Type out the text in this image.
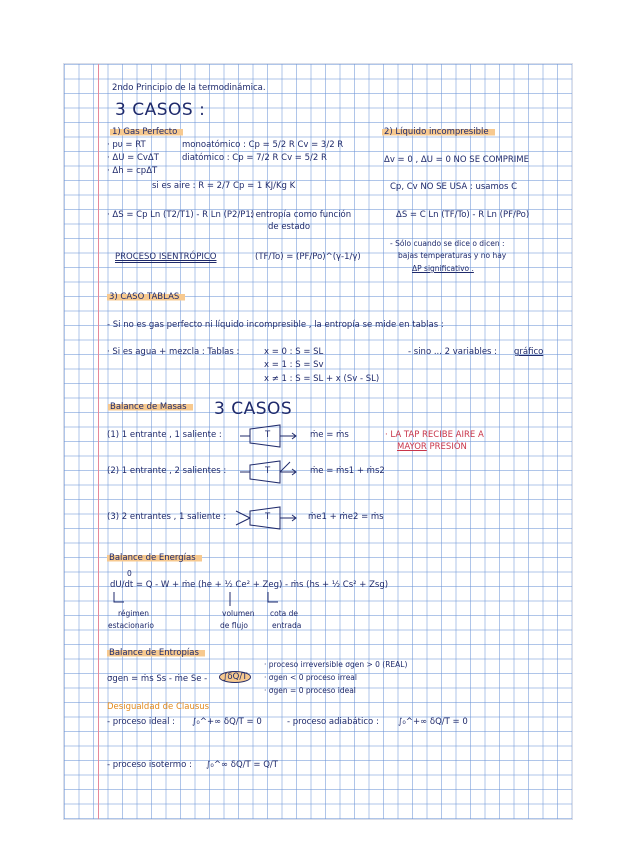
2ndo Principio de la termodinámica.
3 CASOS :
1) Gas Perfecto
· pυ = RT
· ΔU = CvΔT
· Δh = cpΔT
monoatómico : Cp = 5/2 R Cv = 3/2 R
diatómico : Cp = 7/2 R Cv = 5/2 R
si es aire : R = 2/7 Cp = 1 KJ/Kg K
· ΔS = Cp Ln (T2/T1) - R Ln (P2/P1)
: entropía como función
de estado
PROCESO ISENTRÓPICO	(TF/To) = (PF/Po)^(γ-1/γ)
2) Líquido incompresible
Δv = 0 , ΔU = 0 NO SE COMPRIME
Cp, Cv NO SE USA : usamos C
ΔS = C Ln (TF/To) - R Ln (PF/Po)
- Sólo cuando se dice o dicen :
bajas temperaturas y no hay
ΔP significativo .
3) CASO TABLAS
- Si no es gas perfecto ni líquido incompresible , la entropía se mide en tablas :
· Si es agua + mezcla : Tablas :	x = 0 : S = SL
x = 1 : S = Sv
x ≠ 1 : S = SL + x (Sv - SL)
- sino ... 2 variables : gráfico
Balance de Masas	3 CASOS
(1) 1 entrante , 1 saliente :	T	ṁe = ṁs	· LA TAP RECIBE AIRE A
MAYOR PRESIÓN
(2) 1 entrante , 2 salientes :	T	ṁe = ṁs1 + ṁs2
(3) 2 entrantes , 1 saliente :	T	ṁe1 + ṁe2 = ṁs
Balance de Energías
0
dU/dt = Q - W + ṁe (he + ½ Ce² + Zeg) - ṁs (hs + ½ Cs² + Zsg)
régimen
estacionario
volumen
de flujo
cota de
entrada
Balance de Entropías
σgen = ṁs Ss - ṁe Se -	∫δQ/T
· proceso irreversible σgen > 0 (REAL)
· σgen < 0 proceso irreal
· σgen = 0 proceso ideal
Desigualdad de Clausus
- proceso ideal : ∫₀^+∞ δQ/T = 0	- proceso adiabático : ∫₀^+∞ δQ/T = 0
- proceso isotermo : ∫₀^∞ δQ/T = Q/T
